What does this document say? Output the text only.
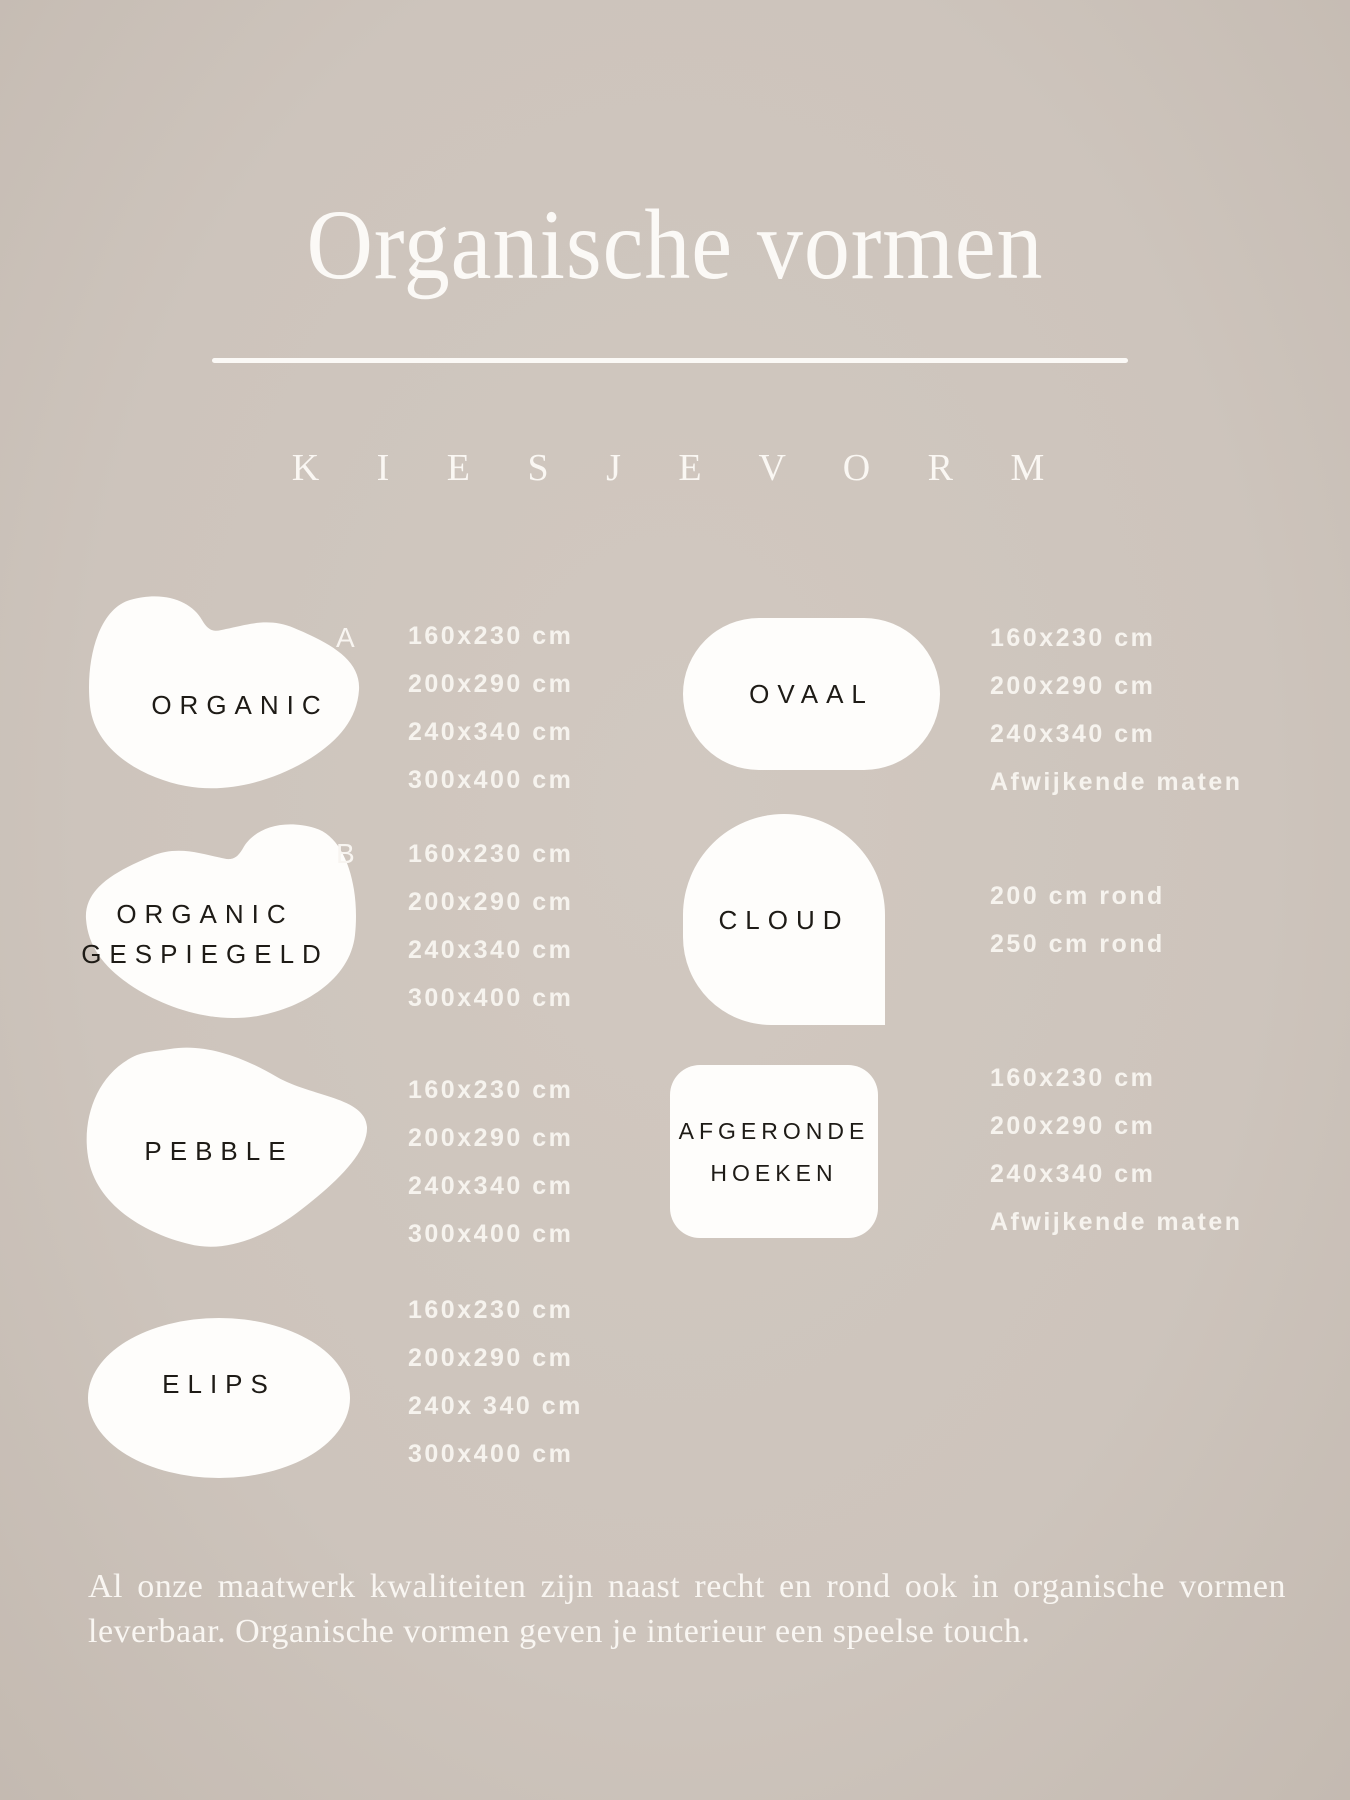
Organische vormen
K I E S J E V O R M
ORGANIC
A 160x230 cm
200x290 cm
240x340 cm
300x400 cm
ORGANIC
GESPIEGELD
B 160x230 cm
200x290 cm
240x340 cm
300x400 cm
PEBBLE
160x230 cm
200x290 cm
240x340 cm
300x400 cm
ELIPS
160x230 cm
200x290 cm
240x 340 cm
300x400 cm
OVAAL
160x230 cm
200x290 cm
240x340 cm
Afwijkende maten
CLOUD
200 cm rond
250 cm rond
AFGERONDE
HOEKEN
160x230 cm
200x290 cm
240x340 cm
Afwijkende maten
Al onze maatwerk kwaliteiten zijn naast recht en rond ook in organische vormen leverbaar. Organische vormen geven je interieur een speelse touch.
